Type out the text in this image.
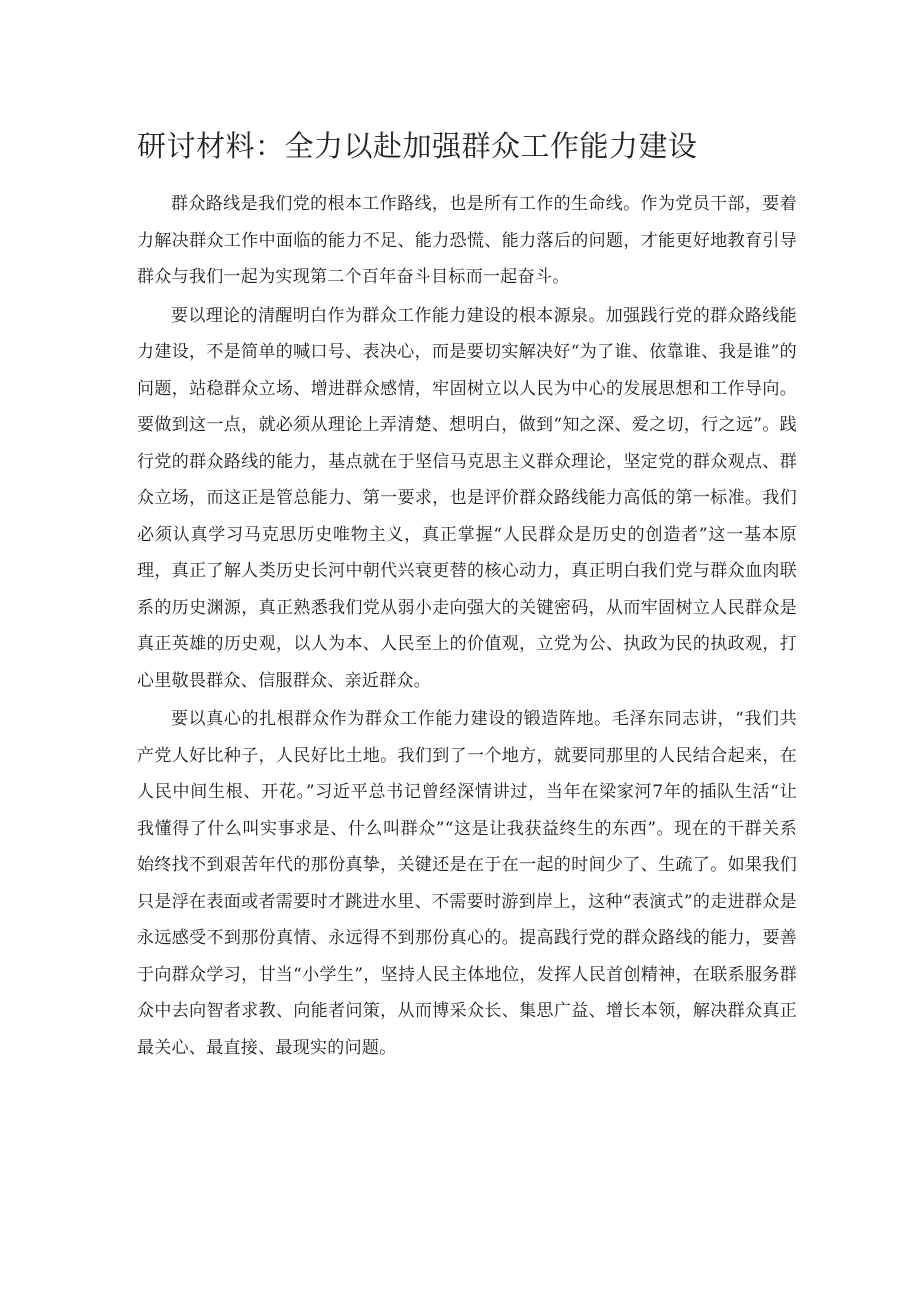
研讨材料：全力以赴加强群众工作能力建设

群众路线是我们党的根本工作路线，也是所有工作的生命线。作为党员干部，要着力解决群众工作中面临的能力不足、能力恐慌、能力落后的问题，才能更好地教育引导群众与我们一起为实现第二个百年奋斗目标而一起奋斗。

要以理论的清醒明白作为群众工作能力建设的根本源泉。加强践行党的群众路线能力建设，不是简单的喊口号、表决心，而是要切实解决好“为了谁、依靠谁、我是谁”的问题，站稳群众立场、增进群众感情，牢固树立以人民为中心的发展思想和工作导向。要做到这一点，就必须从理论上弄清楚、想明白，做到“知之深、爱之切，行之远”。践行党的群众路线的能力，基点就在于坚信马克思主义群众理论，坚定党的群众观点、群众立场，而这正是管总能力、第一要求，也是评价群众路线能力高低的第一标准。我们必须认真学习马克思历史唯物主义，真正掌握“人民群众是历史的创造者”这一基本原理，真正了解人类历史长河中朝代兴衰更替的核心动力，真正明白我们党与群众血肉联系的历史渊源，真正熟悉我们党从弱小走向强大的关键密码，从而牢固树立人民群众是真正英雄的历史观，以人为本、人民至上的价值观，立党为公、执政为民的执政观，打心里敬畏群众、信服群众、亲近群众。

要以真心的扎根群众作为群众工作能力建设的锻造阵地。毛泽东同志讲，“我们共产党人好比种子，人民好比土地。我们到了一个地方，就要同那里的人民结合起来，在人民中间生根、开花。”习近平总书记曾经深情讲过，当年在梁家河7年的插队生活“让我懂得了什么叫实事求是、什么叫群众”“这是让我获益终生的东西”。现在的干群关系始终找不到艰苦年代的那份真挚，关键还是在于在一起的时间少了、生疏了。如果我们只是浮在表面或者需要时才跳进水里、不需要时游到岸上，这种“表演式”的走进群众是永远感受不到那份真情、永远得不到那份真心的。提高践行党的群众路线的能力，要善于向群众学习，甘当“小学生”，坚持人民主体地位，发挥人民首创精神，在联系服务群众中去向智者求教、向能者问策，从而博采众长、集思广益、增长本领，解决群众真正最关心、最直接、最现实的问题。
